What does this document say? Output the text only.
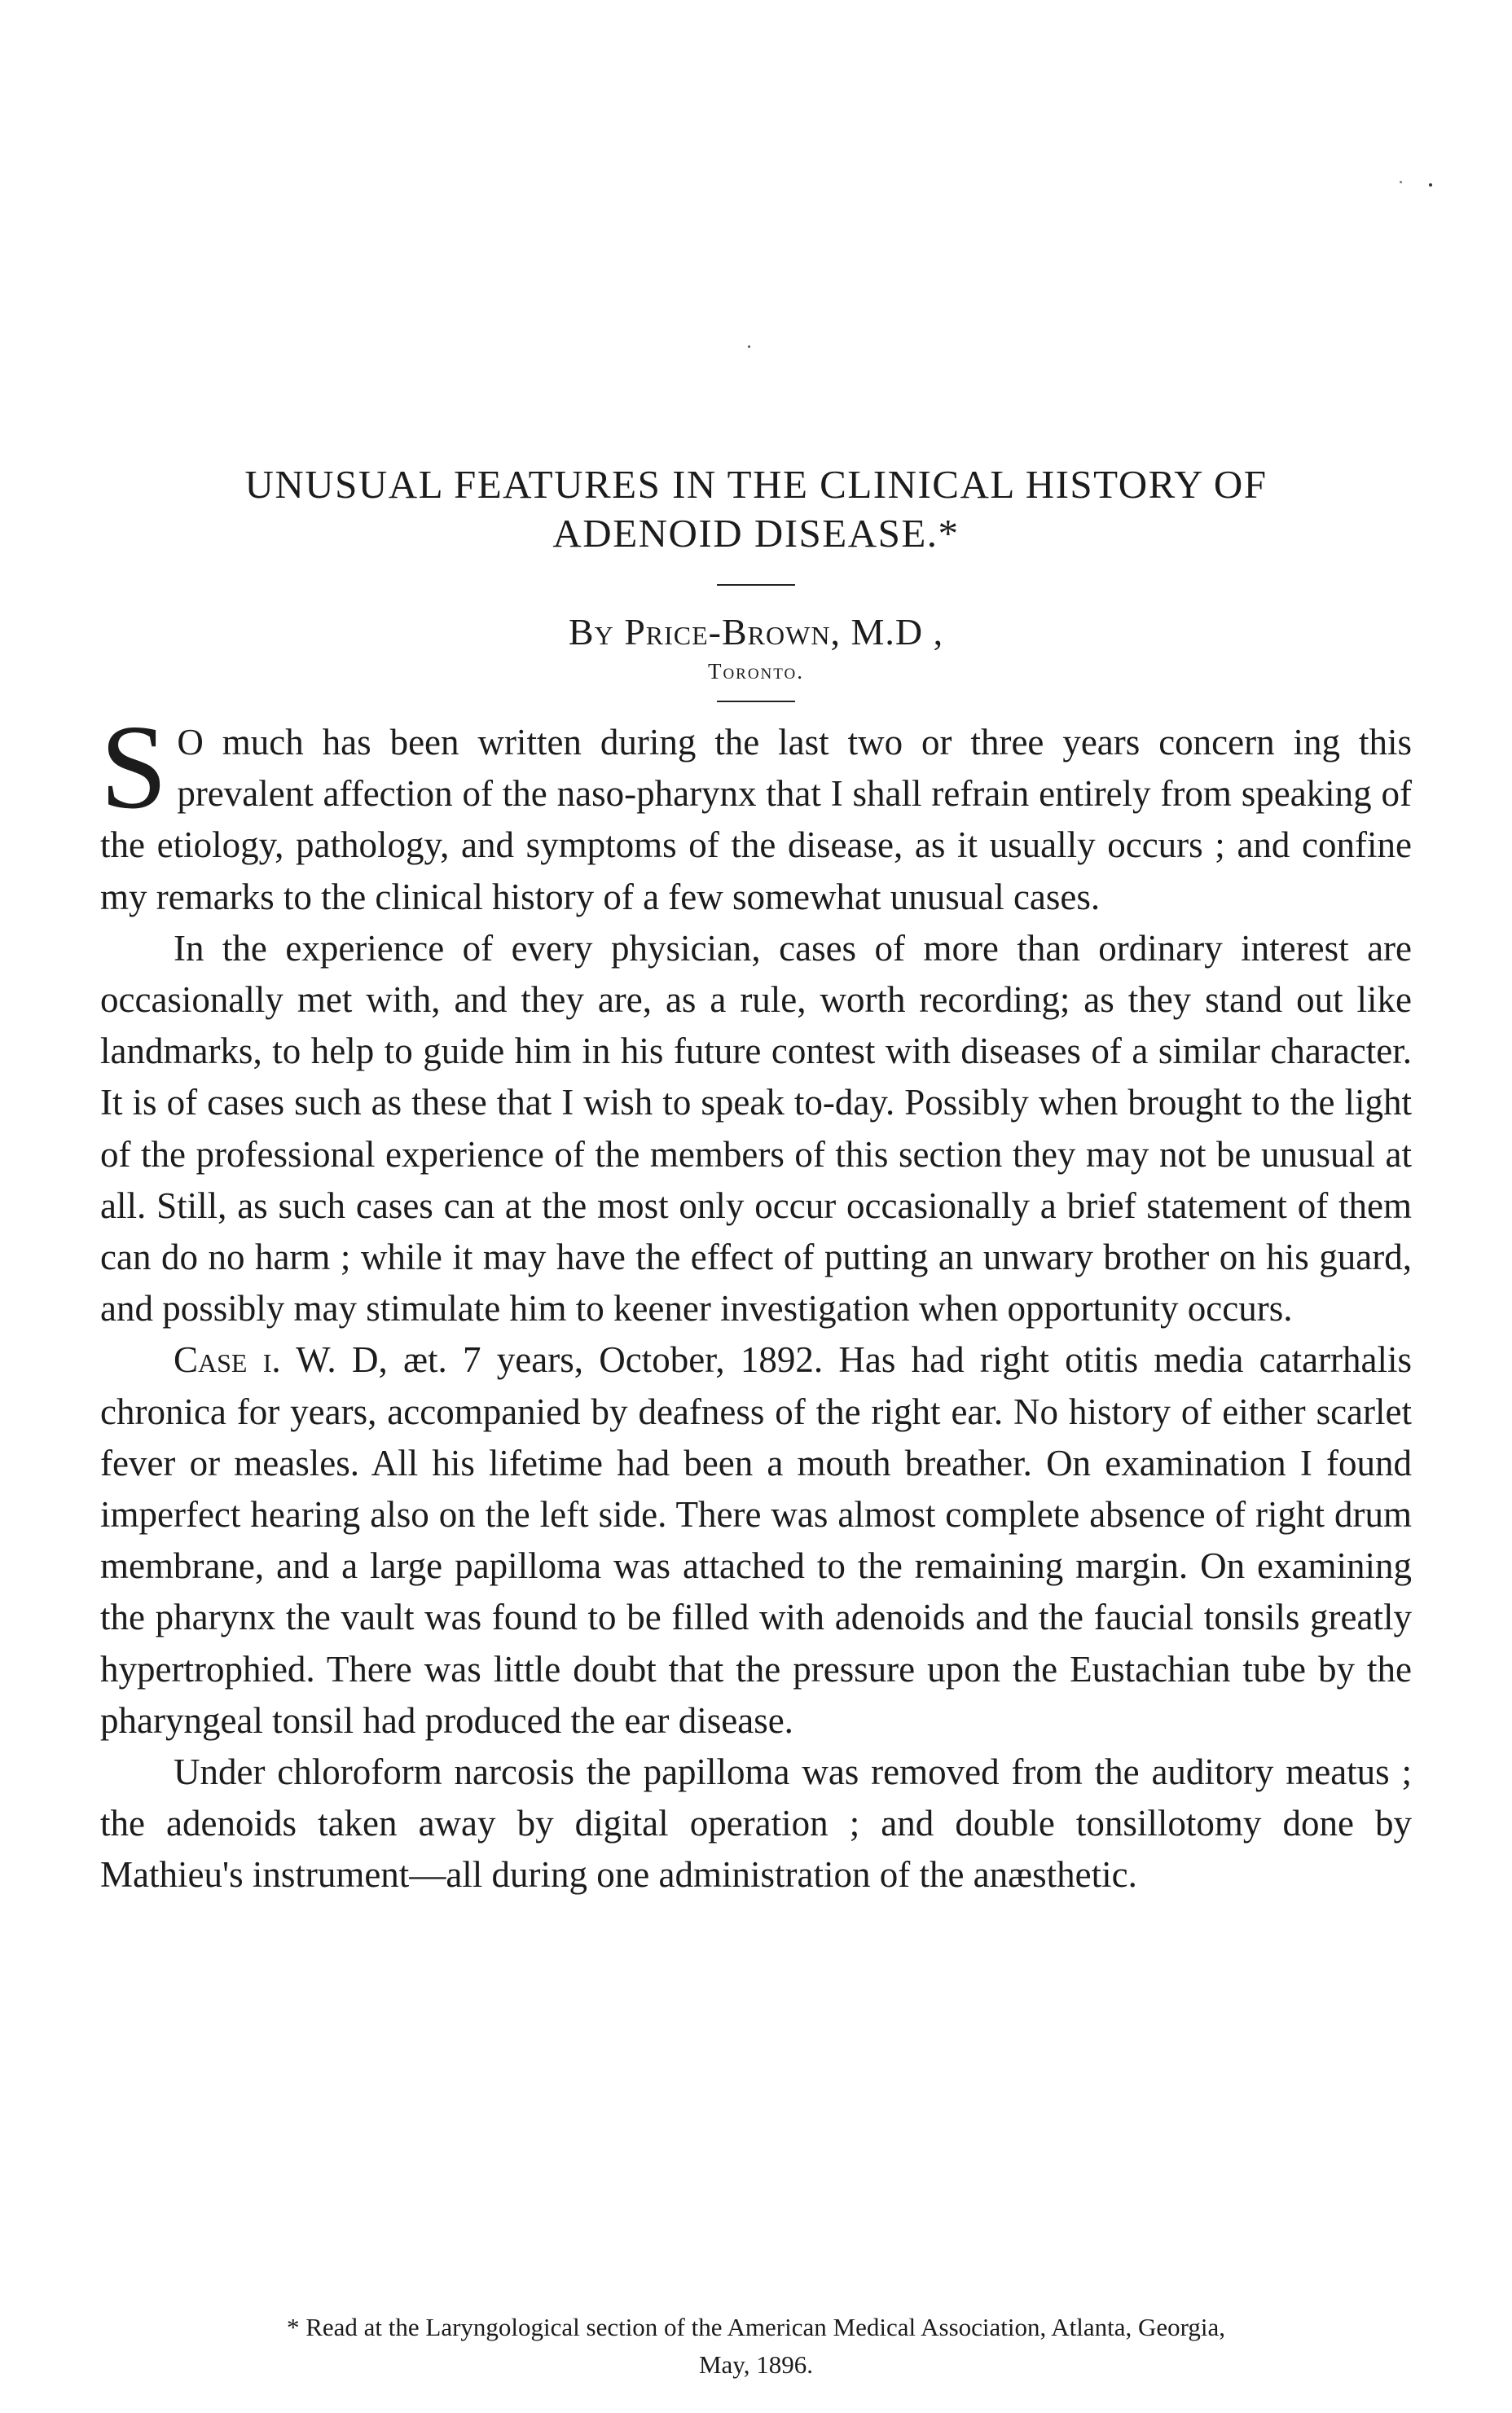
UNUSUAL FEATURES IN THE CLINICAL HISTORY OF
ADENOID DISEASE.*
By Price-Brown, M.D ,
Toronto.

S O much has been written during the last two or three years concern ing this prevalent affection of the naso-pharynx that I shall refrain entirely from speaking of the etiology, pathology, and symptoms of the disease, as it usually occurs ; and confine my remarks to the clinical history of a few somewhat unusual cases.

In the experience of every physician, cases of more than ordinary interest are occasionally met with, and they are, as a rule, worth recording; as they stand out like landmarks, to help to guide him in his future contest with diseases of a similar character. It is of cases such as these that I wish to speak to-day. Possibly when brought to the light of the professional experience of the members of this section they may not be unusual at all. Still, as such cases can at the most only occur occasionally a brief statement of them can do no harm ; while it may have the effect of putting an unwary brother on his guard, and possibly may stimulate him to keener investigation when opportunity occurs.

Case i. W. D, æt. 7 years, October, 1892. Has had right otitis media catarrhalis chronica for years, accompanied by deafness of the right ear. No history of either scarlet fever or measles. All his lifetime had been a mouth breather. On examination I found imperfect hearing also on the left side. There was almost complete absence of right drum membrane, and a large papilloma was attached to the remaining margin. On examining the pharynx the vault was found to be filled with adenoids and the faucial tonsils greatly hypertrophied. There was little doubt that the pressure upon the Eustachian tube by the pharyngeal tonsil had produced the ear disease.

Under chloroform narcosis the papilloma was removed from the auditory meatus ; the adenoids taken away by digital operation ; and double tonsillotomy done by Mathieu's instrument—all during one administration of the anæsthetic.

* Read at the Laryngological section of the American Medical Association, Atlanta, Georgia,
May, 1896.
